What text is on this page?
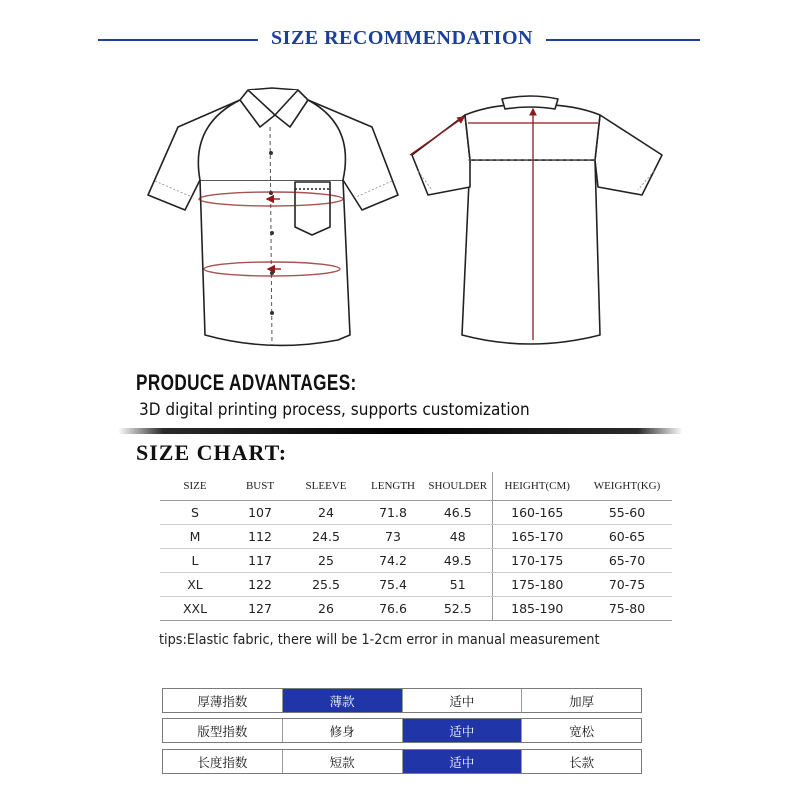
SIZE RECOMMENDATION
PRODUCE ADVANTAGES:
3D digital printing process, supports customization
SIZE CHART:
SIZE	BUST	SLEEVE	LENGTH	SHOULDER	HEIGHT(CM)	WEIGHT(KG)
S	107	24	71.8	46.5	160-165	55-60
M	112	24.5	73	48	165-170	60-65
L	117	25	74.2	49.5	170-175	65-70
XL	122	25.5	75.4	51	175-180	70-75
XXL	127	26	76.6	52.5	185-190	75-80
tips:Elastic fabric, there will be 1-2cm error in manual measurement
厚薄指数	薄款	适中	加厚
版型指数	修身	适中	宽松
长度指数	短款	适中	长款
